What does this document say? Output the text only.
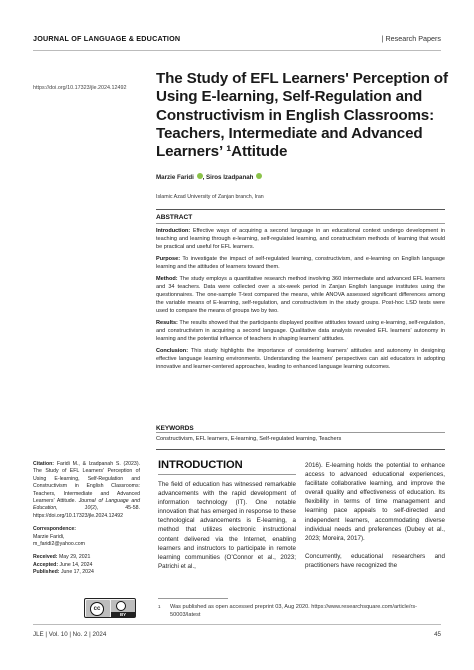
JOURNAL OF LANGUAGE & EDUCATION	| Research Papers
https://doi.org/10.17323/jle.2024.12492
The Study of EFL Learners' Perception of Using E-learning, Self-Regulation and Constructivism in English Classrooms: Teachers, Intermediate and Advanced Learners’ ¹Attitude
Marzie Faridi , Siros Izadpanah
Islamic Azad University of Zanjan branch, Iran
ABSTRACT

Introduction: Effective ways of acquiring a second language in an educational context undergo development in teaching and learning through e-learning, self-regulated learning, and constructivism methods of learning that would be practical and useful for EFL learners.

Purpose: To investigate the impact of self-regulated learning, constructivism, and e-learning on English language learning and the attitudes of learners toward them.

Method: The study employs a quantitative research method involving 360 intermediate and advanced EFL learners and 34 teachers. Data were collected over a six-week period in Zanjan English language institutes using the questionnaires. The one-sample T-test compared the means, while ANOVA assessed significant differences among the variable means of E-learning, self-regulation, and constructivism in the study groups. Post-hoc LSD tests were used to compare the means of groups two by two.

Results: The results showed that the participants displayed positive attitudes toward using e-learning, self-regulation, and constructivism in acquiring a second language. Qualitative data analysis revealed EFL learners’ autonomy in learning and the potential influence of teachers in shaping learners’ attitudes.

Conclusion: This study highlights the importance of considering learners’ attitudes and autonomy in designing effective language learning environments. Understanding the learners’ perspectives can aid educators in adopting innovative and learner-centered approaches, leading to enhanced language learning outcomes.

KEYWORDS
Constructivism, EFL learners, E-learning, Self-regulated learning, Teachers
Citation: Faridi M., & Izadpanah S. (2023). The Study of EFL Learners' Perception of Using E-learning, Self-Regulation and Constructivism in English Classrooms: Teachers, Intermediate and Advanced Learners’ Attitude. Journal of Language and Education, 10(2), 45-58. https://doi.org/10.17323/jle.2024.12492
Correspondence:
Marzie Faridi,
m_faridi2@yahoo.com
Received: May 29, 2021
Accepted: June 14, 2024
Published: June 17, 2024
cc
BY
INTRODUCTION

The field of education has witnessed remarkable advancements with the rapid development of information technology (IT). One notable innovation that has emerged in response to these technological advancements is E-learning, a method that utilizes electronic instructional content delivered via the Internet, enabling learners and instructors to participate in remote learning communities (O’Connor et al., 2023; Patrichi et al.,

2016). E-learning holds the potential to enhance access to advanced educational experiences, facilitate collaborative learning, and improve the overall quality and effectiveness of education. Its flexibility in terms of time management and learning pace appeals to self-directed and independent learners, accommodating diverse individual needs and preferences (Dubey et al., 2023; Moreira, 2017).

Concurrently, educational researchers and practitioners have recognized the

1 Was published as open accessed preprint 03, Aug 2020. https://www.researchsquare.com/article/rs-50003/latest
JLE | Vol. 10 | No. 2 | 2024	45
